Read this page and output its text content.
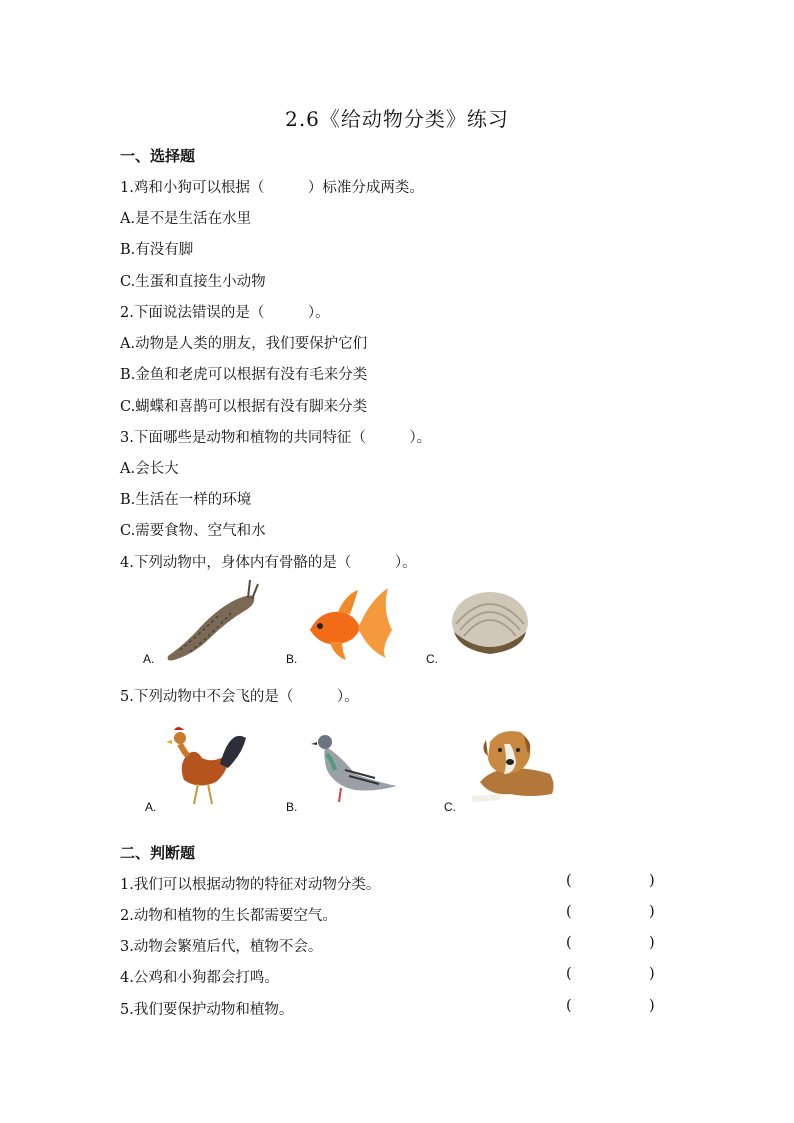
2.6《给动物分类》练习
一、选择题
1.鸡和小狗可以根据（　　　）标准分成两类。
A.是不是生活在水里
B.有没有脚
C.生蛋和直接生小动物
2.下面说法错误的是（　　　）。
A.动物是人类的朋友，我们要保护它们
B.金鱼和老虎可以根据有没有毛来分类
C.蝴蝶和喜鹊可以根据有没有脚来分类
3.下面哪些是动物和植物的共同特征（　　　）。
A.会长大
B.生活在一样的环境
C.需要食物、空气和水
4.下列动物中，身体内有骨骼的是（　　　）。
A.	B.	C.
5.下列动物中不会飞的是（　　　）。
A.	B.	C.
二、判断题
1.我们可以根据动物的特征对动物分类。	(	)
2.动物和植物的生长都需要空气。	(	)
3.动物会繁殖后代，植物不会。	(	)
4.公鸡和小狗都会打鸣。	(	)
5.我们要保护动物和植物。	(	)
